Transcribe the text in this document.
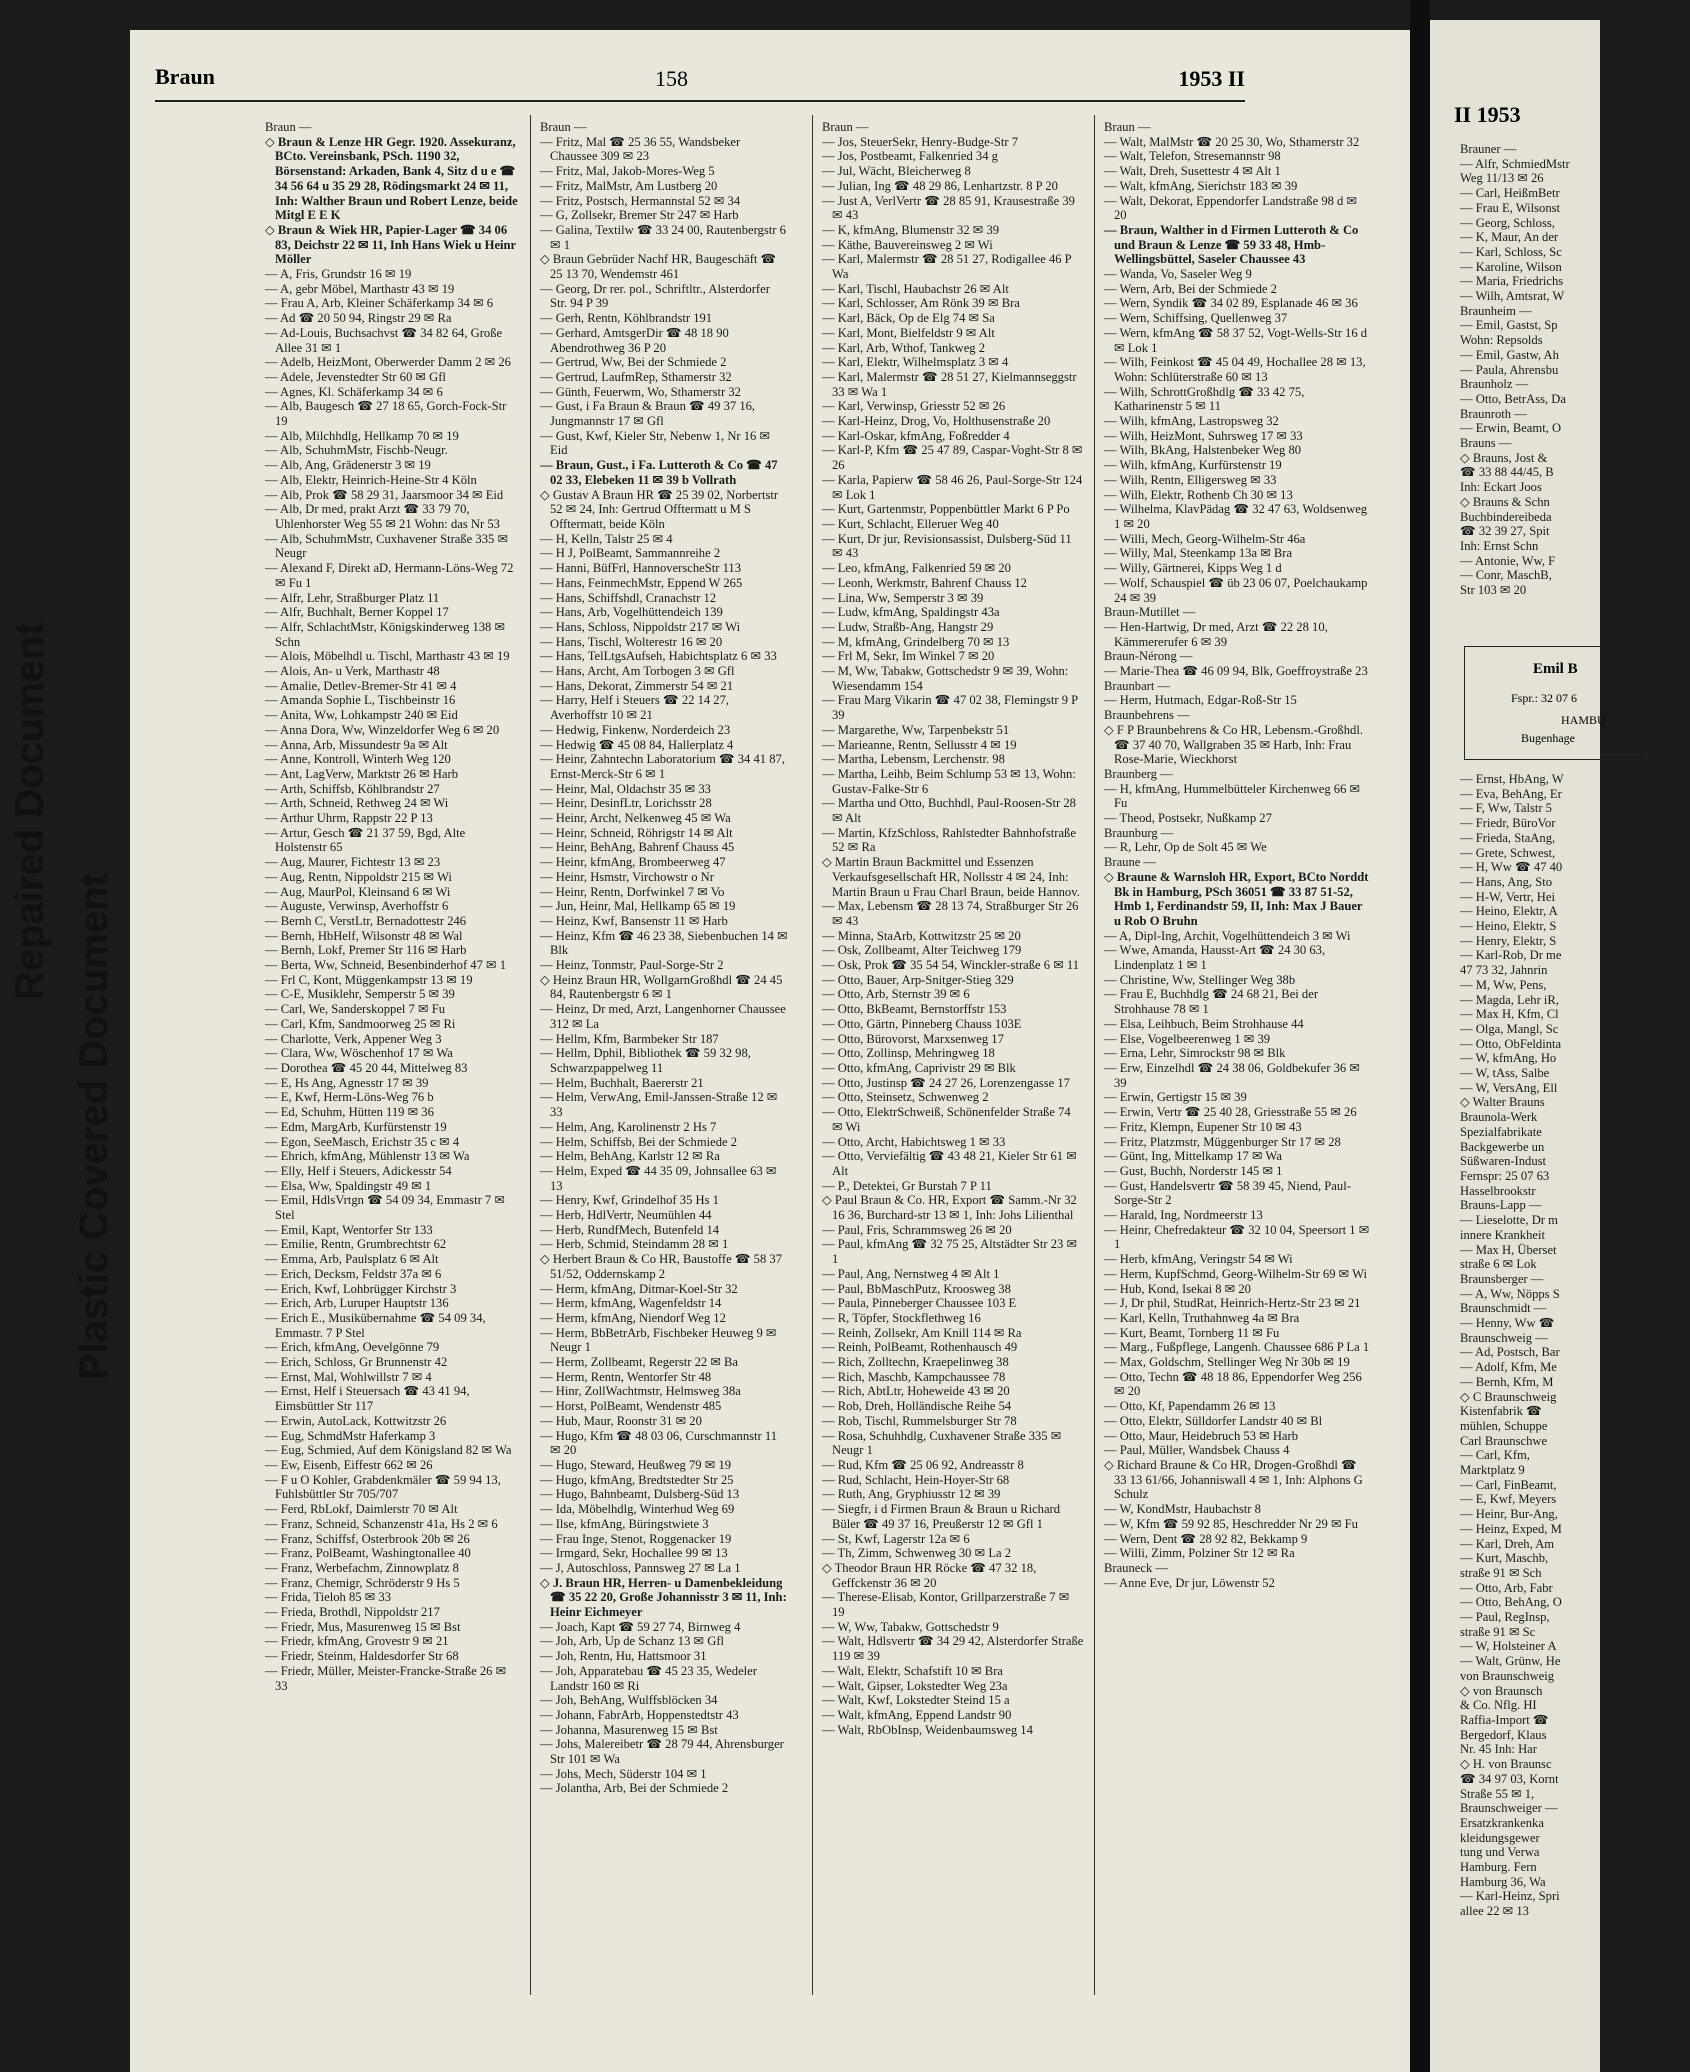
II 1953
Brauner —
— Alfr, SchmiedMstr
Weg 11/13 ✉ 26
— Carl, HeißmBetr
— Frau E, Wilsonst
— Georg, Schloss,
— K, Maur, An der
— Karl, Schloss, Sc
— Karoline, Wilson
— Maria, Friedrichs
— Wilh, Amtsrat, W
Braunheim —
— Emil, Gastst, Sp
Wohn: Repsolds
— Emil, Gastw, Ah
— Paula, Ahrensbu
Braunholz —
— Otto, BetrAss, Da
Braunroth —
— Erwin, Beamt, O
Brauns —
◇ Brauns, Jost &
☎ 33 88 44/45, B
Inh: Eckart Joos
◇ Brauns & Schn
Buchbindereibeda
☎ 32 39 27, Spit
Inh: Ernst Schn
— Antonie, Ww, F
— Conr, MaschB,
Str 103 ✉ 20
Emil B
Fspr.: 32 07 6
HAMBU
Bugenhage
— Ernst, HbAng, W
— Eva, BehAng, Er
— F, Ww, Talstr 5
— Friedr, BüroVor
— Frieda, StaAng,
— Grete, Schwest,
— H, Ww ☎ 47 40
— Hans, Ang, Sto
— H-W, Vertr, Hei
— Heino, Elektr, A
— Heino, Elektr, S
— Henry, Elektr, S
— Karl-Rob, Dr me
47 73 32, Jahnrin
— M, Ww, Pens,
— Magda, Lehr iR,
— Max H, Kfm, Cl
— Olga, Mangl, Sc
— Otto, ObFeldinta
— W, kfmAng, Ho
— W, tAss, Salbe
— W, VersAng, Ell
◇ Walter Brauns
Braunola-Werk
Spezialfabrikate
Backgewerbe un
Süßwaren-Indust
Fernspr: 25 07 63
Hasselbrookstr
Brauns-Lapp —
— Lieselotte, Dr m
innere Krankheit
— Max H, Überset
straße 6 ✉ Lok
Braunsberger —
— A, Ww, Nöpps S
Braunschmidt —
— Henny, Ww ☎
Braunschweig —
— Ad, Postsch, Bar
— Adolf, Kfm, Me
— Bernh, Kfm, M
◇ C Braunschweig
Kistenfabrik ☎
mühlen, Schuppe
Carl Braunschwe
— Carl, Kfm,
Marktplatz 9
— Carl, FinBeamt,
— E, Kwf, Meyers
— Heinr, Bur-Ang,
— Heinz, Exped, M
— Karl, Dreh, Am
— Kurt, Maschb,
straße 91 ✉ Sch
— Otto, Arb, Fabr
— Otto, BehAng, O
— Paul, RegInsp,
straße 91 ✉ Sc
— W, Holsteiner A
— Walt, Grünw, He
von Braunschweig
◇ von Braunsch
& Co. Nflg. HI
Raffia-Import ☎
Bergedorf, Klaus
Nr. 45 Inh: Har
◇ H. von Braunsc
☎ 34 97 03, Kornt
Straße 55 ✉ 1,
Braunschweiger —
Ersatzkrankenka
kleidungsgewer
tung und Verwa
Hamburg. Fern
Hamburg 36, Wa
— Karl-Heinz, Spri
allee 22 ✉ 13
Repaired Document
Plastic Covered Document
Braun	158	1953 II

Braun —

◇ Braun & Lenze HR Gegr. 1920. Assekuranz, BCto. Vereinsbank, PSch. 1190 32, Börsenstand: Arkaden, Bank 4, Sitz d u e ☎ 34 56 64 u 35 29 28, Rödingsmarkt 24 ✉ 11, Inh: Walther Braun und Robert Lenze, beide Mitgl E E K

◇ Braun & Wiek HR, Papier-Lager ☎ 34 06 83, Deichstr 22 ✉ 11, Inh Hans Wiek u Heinr Möller

— A, Fris, Grundstr 16 ✉ 19

— A, gebr Möbel, Marthastr 43 ✉ 19

— Frau A, Arb, Kleiner Schäferkamp 34 ✉ 6

— Ad ☎ 20 50 94, Ringstr 29 ✉ Ra

— Ad-Louis, Buchsachvst ☎ 34 82 64, Große Allee 31 ✉ 1

— Adelb, HeizMont, Oberwerder Damm 2 ✉ 26

— Adele, Jevenstedter Str 60 ✉ Gfl

— Agnes, Kl. Schäferkamp 34 ✉ 6

— Alb, Baugesch ☎ 27 18 65, Gorch-Fock-Str 19

— Alb, Milchhdlg, Hellkamp 70 ✉ 19

— Alb, SchuhmMstr, Fischb-Neugr.

— Alb, Ang, Grädenerstr 3 ✉ 19

— Alb, Elektr, Heinrich-Heine-Str 4 Köln

— Alb, Prok ☎ 58 29 31, Jaarsmoor 34 ✉ Eid

— Alb, Dr med, prakt Arzt ☎ 33 79 70, Uhlenhorster Weg 55 ✉ 21 Wohn: das Nr 53

— Alb, SchuhmMstr, Cuxhavener Straße 335 ✉ Neugr

— Alexand F, Direkt aD, Hermann-Löns-Weg 72 ✉ Fu 1

— Alfr, Lehr, Straßburger Platz 11

— Alfr, Buchhalt, Berner Koppel 17

— Alfr, SchlachtMstr, Königskinderweg 138 ✉ Schn

— Alois, Möbelhdl u. Tischl, Marthastr 43 ✉ 19

— Alois, An- u Verk, Marthastr 48

— Amalie, Detlev-Bremer-Str 41 ✉ 4

— Amanda Sophie L, Tischbeinstr 16

— Anita, Ww, Lohkampstr 240 ✉ Eid

— Anna Dora, Ww, Winzeldorfer Weg 6 ✉ 20

— Anna, Arb, Missundestr 9a ✉ Alt

— Anne, Kontroll, Winterh Weg 120

— Ant, LagVerw, Marktstr 26 ✉ Harb

— Arth, Schiffsb, Köhlbrandstr 27

— Arth, Schneid, Rethweg 24 ✉ Wi

— Arthur Uhrm, Rappstr 22 P 13

— Artur, Gesch ☎ 21 37 59, Bgd, Alte Holstenstr 65

— Aug, Maurer, Fichtestr 13 ✉ 23

— Aug, Rentn, Nippoldstr 215 ✉ Wi

— Aug, MaurPol, Kleinsand 6 ✉ Wi

— Auguste, Verwinsp, Averhoffstr 6

— Bernh C, VerstLtr, Bernadottestr 246

— Bernh, HbHelf, Wilsonstr 48 ✉ Wal

— Bernh, Lokf, Premer Str 116 ✉ Harb

— Berta, Ww, Schneid, Besenbinderhof 47 ✉ 1

— Frl C, Kont, Müggenkampstr 13 ✉ 19

— C-E, Musiklehr, Semperstr 5 ✉ 39

— Carl, We, Sanderskoppel 7 ✉ Fu

— Carl, Kfm, Sandmoorweg 25 ✉ Ri

— Charlotte, Verk, Appener Weg 3

— Clara, Ww, Wöschenhof 17 ✉ Wa

— Dorothea ☎ 45 20 44, Mittelweg 83

— E, Hs Ang, Agnesstr 17 ✉ 39

— E, Kwf, Herm-Löns-Weg 76 b

— Ed, Schuhm, Hütten 119 ✉ 36

— Edm, MargArb, Kurfürstenstr 19

— Egon, SeeMasch, Erichstr 35 c ✉ 4

— Ehrich, kfmAng, Mühlenstr 13 ✉ Wa

— Elly, Helf i Steuers, Adickesstr 54

— Elsa, Ww, Spaldingstr 49 ✉ 1

— Emil, HdlsVrtgn ☎ 54 09 34, Emmastr 7 ✉ Stel

— Emil, Kapt, Wentorfer Str 133

— Emilie, Rentn, Grumbrechtstr 62

— Emma, Arb, Paulsplatz 6 ✉ Alt

— Erich, Decksm, Feldstr 37a ✉ 6

— Erich, Kwf, Lohbrügger Kirchstr 3

— Erich, Arb, Luruper Hauptstr 136

— Erich E., Musikübernahme ☎ 54 09 34, Emmastr. 7 P Stel

— Erich, kfmAng, Oevelgönne 79

— Erich, Schloss, Gr Brunnenstr 42

— Ernst, Mal, Wohlwillstr 7 ✉ 4

— Ernst, Helf i Steuersach ☎ 43 41 94, Eimsbüttler Str 117

— Erwin, AutoLack, Kottwitzstr 26

— Eug, SchmdMstr Haferkamp 3

— Eug, Schmied, Auf dem Königsland 82 ✉ Wa

— Ew, Eisenb, Eiffestr 662 ✉ 26

— F u O Kohler, Grabdenkmäler ☎ 59 94 13, Fuhlsbüttler Str 705/707

— Ferd, RbLokf, Daimlerstr 70 ✉ Alt

— Franz, Schneid, Schanzenstr 41a, Hs 2 ✉ 6

— Franz, Schiffsf, Osterbrook 20b ✉ 26

— Franz, PolBeamt, Washingtonallee 40

— Franz, Werbefachm, Zinnowplatz 8

— Franz, Chemigr, Schröderstr 9 Hs 5

— Frida, Tieloh 85 ✉ 33

— Frieda, Brothdl, Nippoldstr 217

— Friedr, Mus, Masurenweg 15 ✉ Bst

— Friedr, kfmAng, Grovestr 9 ✉ 21

— Friedr, Steinm, Haldesdorfer Str 68

— Friedr, Müller, Meister-Francke-Straße 26 ✉ 33

Braun —

— Fritz, Mal ☎ 25 36 55, Wandsbeker Chaussee 309 ✉ 23

— Fritz, Mal, Jakob-Mores-Weg 5

— Fritz, MalMstr, Am Lustberg 20

— Fritz, Postsch, Hermannstal 52 ✉ 34

— G, Zollsekr, Bremer Str 247 ✉ Harb

— Galina, Textilw ☎ 33 24 00, Rautenbergstr 6 ✉ 1

◇ Braun Gebrüder Nachf HR, Baugeschäft ☎ 25 13 70, Wendemstr 461

— Georg, Dr rer. pol., Schriftltr., Alsterdorfer Str. 94 P 39

— Gerh, Rentn, Köhlbrandstr 191

— Gerhard, AmtsgerDir ☎ 48 18 90 Abendrothweg 36 P 20

— Gertrud, Ww, Bei der Schmiede 2

— Gertrud, LaufmRep, Sthamerstr 32

— Günth, Feuerwm, Wo, Sthamerstr 32

— Gust, i Fa Braun & Braun ☎ 49 37 16, Jungmannstr 17 ✉ Gfl

— Gust, Kwf, Kieler Str, Nebenw 1, Nr 16 ✉ Eid

— Braun, Gust., i Fa. Lutteroth & Co ☎ 47 02 33, Elebeken 11 ✉ 39 b Vollrath

◇ Gustav A Braun HR ☎ 25 39 02, Norbertstr 52 ✉ 24, Inh: Gertrud Offtermatt u M S Offtermatt, beide Köln

— H, Kelln, Talstr 25 ✉ 4

— H J, PolBeamt, Sammannreihe 2

— Hanni, BüfFrl, HannoverscheStr 113

— Hans, FeinmechMstr, Eppend W 265

— Hans, Schiffshdl, Cranachstr 12

— Hans, Arb, Vogelhüttendeich 139

— Hans, Schloss, Nippoldstr 217 ✉ Wi

— Hans, Tischl, Wolterestr 16 ✉ 20

— Hans, TelLtgsAufseh, Habichtsplatz 6 ✉ 33

— Hans, Archt, Am Torbogen 3 ✉ Gfl

— Hans, Dekorat, Zimmerstr 54 ✉ 21

— Harry, Helf i Steuers ☎ 22 14 27, Averhoffstr 10 ✉ 21

— Hedwig, Finkenw, Norderdeich 23

— Hedwig ☎ 45 08 84, Hallerplatz 4

— Heinr, Zahntechn Laboratorium ☎ 34 41 87, Ernst-Merck-Str 6 ✉ 1

— Heinr, Mal, Oldachstr 35 ✉ 33

— Heinr, DesinfLtr, Lorichsstr 28

— Heinr, Archt, Nelkenweg 45 ✉ Wa

— Heinr, Schneid, Röhrigstr 14 ✉ Alt

— Heinr, BehAng, Bahrenf Chauss 45

— Heinr, kfmAng, Brombeerweg 47

— Heinr, Hsmstr, Virchowstr o Nr

— Heinr, Rentn, Dorfwinkel 7 ✉ Vo

— Jun, Heinr, Mal, Hellkamp 65 ✉ 19

— Heinz, Kwf, Bansenstr 11 ✉ Harb

— Heinz, Kfm ☎ 46 23 38, Siebenbuchen 14 ✉ Blk

— Heinz, Tonmstr, Paul-Sorge-Str 2

◇ Heinz Braun HR, WollgarnGroßhdl ☎ 24 45 84, Rautenbergstr 6 ✉ 1

— Heinz, Dr med, Arzt, Langenhorner Chaussee 312 ✉ La

— Hellm, Kfm, Barmbeker Str 187

— Hellm, Dphil, Bibliothek ☎ 59 32 98, Schwarzpappelweg 11

— Helm, Buchhalt, Baererstr 21

— Helm, VerwAng, Emil-Janssen-Straße 12 ✉ 33

— Helm, Ang, Karolinenstr 2 Hs 7

— Helm, Schiffsb, Bei der Schmiede 2

— Helm, BehAng, Karlstr 12 ✉ Ra

— Helm, Exped ☎ 44 35 09, Johnsallee 63 ✉ 13

— Henry, Kwf, Grindelhof 35 Hs 1

— Herb, HdlVertr, Neumühlen 44

— Herb, RundfMech, Butenfeld 14

— Herb, Schmid, Steindamm 28 ✉ 1

◇ Herbert Braun & Co HR, Baustoffe ☎ 58 37 51/52, Oddernskamp 2

— Herm, kfmAng, Ditmar-Koel-Str 32

— Herm, kfmAng, Wagenfeldstr 14

— Herm, kfmAng, Niendorf Weg 12

— Herm, BbBetrArb, Fischbeker Heuweg 9 ✉ Neugr 1

— Herm, Zollbeamt, Regerstr 22 ✉ Ba

— Herm, Rentn, Wentorfer Str 48

— Hinr, ZollWachtmstr, Helmsweg 38a

— Horst, PolBeamt, Wendenstr 485

— Hub, Maur, Roonstr 31 ✉ 20

— Hugo, Kfm ☎ 48 03 06, Curschmannstr 11 ✉ 20

— Hugo, Steward, Heußweg 79 ✉ 19

— Hugo, kfmAng, Bredtstedter Str 25

— Hugo, Bahnbeamt, Dulsberg-Süd 13

— Ida, Möbelhdlg, Winterhud Weg 69

— Ilse, kfmAng, Büringstwiete 3

— Frau Inge, Stenot, Roggenacker 19

— Irmgard, Sekr, Hochallee 99 ✉ 13

— J, Autoschloss, Pannsweg 27 ✉ La 1

◇ J. Braun HR, Herren- u Damenbekleidung ☎ 35 22 20, Große Johannisstr 3 ✉ 11, Inh: Heinr Eichmeyer

— Joach, Kapt ☎ 59 27 74, Birnweg 4

— Joh, Arb, Up de Schanz 13 ✉ Gfl

— Joh, Rentn, Hu, Hattsmoor 31

— Joh, Apparatebau ☎ 45 23 35, Wedeler Landstr 160 ✉ Ri

— Joh, BehAng, Wulffsblöcken 34

— Johann, FabrArb, Hoppenstedtstr 43

— Johanna, Masurenweg 15 ✉ Bst

— Johs, Malereibetr ☎ 28 79 44, Ahrensburger Str 101 ✉ Wa

— Johs, Mech, Süderstr 104 ✉ 1

— Jolantha, Arb, Bei der Schmiede 2

Braun —

— Jos, SteuerSekr, Henry-Budge-Str 7

— Jos, Postbeamt, Falkenried 34 g

— Jul, Wächt, Bleicherweg 8

— Julian, Ing ☎ 48 29 86, Lenhartzstr. 8 P 20

— Just A, VerlVertr ☎ 28 85 91, Krausestraße 39 ✉ 43

— K, kfmAng, Blumenstr 32 ✉ 39

— Käthe, Bauvereinsweg 2 ✉ Wi

— Karl, Malermstr ☎ 28 51 27, Rodigallee 46 P Wa

— Karl, Tischl, Haubachstr 26 ✉ Alt

— Karl, Schlosser, Am Rönk 39 ✉ Bra

— Karl, Bäck, Op de Elg 74 ✉ Sa

— Karl, Mont, Bielfeldstr 9 ✉ Alt

— Karl, Arb, Wthof, Tankweg 2

— Karl, Elektr, Wilhelmsplatz 3 ✉ 4

— Karl, Malermstr ☎ 28 51 27, Kielmannseggstr 33 ✉ Wa 1

— Karl, Verwinsp, Griesstr 52 ✉ 26

— Karl-Heinz, Drog, Vo, Holthusenstraße 20

— Karl-Oskar, kfmAng, Foßredder 4

— Karl-P, Kfm ☎ 25 47 89, Caspar-Voght-Str 8 ✉ 26

— Karla, Papierw ☎ 58 46 26, Paul-Sorge-Str 124 ✉ Lok 1

— Kurt, Gartenmstr, Poppenbüttler Markt 6 P Po

— Kurt, Schlacht, Elleruer Weg 40

— Kurt, Dr jur, Revisionsassist, Dulsberg-Süd 11 ✉ 43

— Leo, kfmAng, Falkenried 59 ✉ 20

— Leonh, Werkmstr, Bahrenf Chauss 12

— Lina, Ww, Semperstr 3 ✉ 39

— Ludw, kfmAng, Spaldingstr 43a

— Ludw, Straßb-Ang, Hangstr 29

— M, kfmAng, Grindelberg 70 ✉ 13

— Frl M, Sekr, Im Winkel 7 ✉ 20

— M, Ww, Tabakw, Gottschedstr 9 ✉ 39, Wohn: Wiesendamm 154

— Frau Marg Vikarin ☎ 47 02 38, Flemingstr 9 P 39

— Margarethe, Ww, Tarpenbekstr 51

— Marieanne, Rentn, Sellusstr 4 ✉ 19

— Martha, Lebensm, Lerchenstr. 98

— Martha, Leihb, Beim Schlump 53 ✉ 13, Wohn: Gustav-Falke-Str 6

— Martha und Otto, Buchhdl, Paul-Roosen-Str 28 ✉ Alt

— Martin, KfzSchloss, Rahlstedter Bahnhofstraße 52 ✉ Ra

◇ Martin Braun Backmittel und Essenzen Verkaufsgesellschaft HR, Nollsstr 4 ✉ 24, Inh: Martin Braun u Frau Charl Braun, beide Hannov.

— Max, Lebensm ☎ 28 13 74, Straßburger Str 26 ✉ 43

— Minna, StaArb, Kottwitzstr 25 ✉ 20

— Osk, Zollbeamt, Alter Teichweg 179

— Osk, Prok ☎ 35 54 54, Winckler-straße 6 ✉ 11

— Otto, Bauer, Arp-Snitger-Stieg 329

— Otto, Arb, Sternstr 39 ✉ 6

— Otto, BkBeamt, Bernstorffstr 153

— Otto, Gärtn, Pinneberg Chauss 103E

— Otto, Bürovorst, Marxsenweg 17

— Otto, Zollinsp, Mehringweg 18

— Otto, kfmAng, Caprivistr 29 ✉ Blk

— Otto, Justinsp ☎ 24 27 26, Lorenzengasse 17

— Otto, Steinsetz, Schwenweg 2

— Otto, ElektrSchweiß, Schönenfelder Straße 74 ✉ Wi

— Otto, Archt, Habichtsweg 1 ✉ 33

— Otto, Verviefältig ☎ 43 48 21, Kieler Str 61 ✉ Alt

— P., Detektei, Gr Burstah 7 P 11

◇ Paul Braun & Co. HR, Export ☎ Samm.-Nr 32 16 36, Burchard-str 13 ✉ 1, Inh: Johs Lilienthal

— Paul, Fris, Schrammsweg 26 ✉ 20

— Paul, kfmAng ☎ 32 75 25, Altstädter Str 23 ✉ 1

— Paul, Ang, Nernstweg 4 ✉ Alt 1

— Paul, BbMaschPutz, Kroosweg 38

— Paula, Pinneberger Chaussee 103 E

— R, Töpfer, Stockflethweg 16

— Reinh, Zollsekr, Am Knill 114 ✉ Ra

— Reinh, PolBeamt, Rothenhausch 49

— Rich, Zolltechn, Kraepelinweg 38

— Rich, Maschb, Kampchaussee 78

— Rich, AbtLtr, Hoheweide 43 ✉ 20

— Rob, Dreh, Holländische Reihe 54

— Rob, Tischl, Rummelsburger Str 78

— Rosa, Schuhhdlg, Cuxhavener Straße 335 ✉ Neugr 1

— Rud, Kfm ☎ 25 06 92, Andreasstr 8

— Rud, Schlacht, Hein-Hoyer-Str 68

— Ruth, Ang, Gryphiusstr 12 ✉ 39

— Siegfr, i d Firmen Braun & Braun u Richard Büler ☎ 49 37 16, Preußerstr 12 ✉ Gfl 1

— St, Kwf, Lagerstr 12a ✉ 6

— Th, Zimm, Schwenweg 30 ✉ La 2

◇ Theodor Braun HR Röcke ☎ 47 32 18, Geffckenstr 36 ✉ 20

— Therese-Elisab, Kontor, Grillparzerstraße 7 ✉ 19

— W, Ww, Tabakw, Gottschedstr 9

— Walt, Hdlsvertr ☎ 34 29 42, Alsterdorfer Straße 119 ✉ 39

— Walt, Elektr, Schafstift 10 ✉ Bra

— Walt, Gipser, Lokstedter Weg 23a

— Walt, Kwf, Lokstedter Steind 15 a

— Walt, kfmAng, Eppend Landstr 90

— Walt, RbObInsp, Weidenbaumsweg 14

Braun —

— Walt, MalMstr ☎ 20 25 30, Wo, Sthamerstr 32

— Walt, Telefon, Stresemannstr 98

— Walt, Dreh, Susettestr 4 ✉ Alt 1

— Walt, kfmAng, Sierichstr 183 ✉ 39

— Walt, Dekorat, Eppendorfer Landstraße 98 d ✉ 20

— Braun, Walther in d Firmen Lutteroth & Co und Braun & Lenze ☎ 59 33 48, Hmb-Wellingsbüttel, Saseler Chaussee 43

— Wanda, Vo, Saseler Weg 9

— Wern, Arb, Bei der Schmiede 2

— Wern, Syndik ☎ 34 02 89, Esplanade 46 ✉ 36

— Wern, Schiffsing, Quellenweg 37

— Wern, kfmAng ☎ 58 37 52, Vogt-Wells-Str 16 d ✉ Lok 1

— Wilh, Feinkost ☎ 45 04 49, Hochallee 28 ✉ 13, Wohn: Schlüterstraße 60 ✉ 13

— Wilh, SchrottGroßhdlg ☎ 33 42 75, Katharinenstr 5 ✉ 11

— Wilh, kfmAng, Lastropsweg 32

— Wilh, HeizMont, Suhrsweg 17 ✉ 33

— Wilh, BkAng, Halstenbeker Weg 80

— Wilh, kfmAng, Kurfürstenstr 19

— Wilh, Rentn, Elligersweg ✉ 33

— Wilh, Elektr, Rothenb Ch 30 ✉ 13

— Wilhelma, KlavPädag ☎ 32 47 63, Woldsenweg 1 ✉ 20

— Willi, Mech, Georg-Wilhelm-Str 46a

— Willy, Mal, Steenkamp 13a ✉ Bra

— Willy, Gärtnerei, Kipps Weg 1 d

— Wolf, Schauspiel ☎ üb 23 06 07, Poelchaukamp 24 ✉ 39

Braun-Mutillet —

— Hen-Hartwig, Dr med, Arzt ☎ 22 28 10, Kämmererufer 6 ✉ 39

Braun-Nérong —

— Marie-Thea ☎ 46 09 94, Blk, Goeffroystraße 23

Braunbart —

— Herm, Hutmach, Edgar-Roß-Str 15

Braunbehrens —

◇ F P Braunbehrens & Co HR, Lebensm.-Großhdl. ☎ 37 40 70, Wallgraben 35 ✉ Harb, Inh: Frau Rose-Marie, Wieckhorst

Braunberg —

— H, kfmAng, Hummelbütteler Kirchenweg 66 ✉ Fu

— Theod, Postsekr, Nußkamp 27

Braunburg —

— R, Lehr, Op de Solt 45 ✉ We

Braune —

◇ Braune & Warnsloh HR, Export, BCto Norddt Bk in Hamburg, PSch 36051 ☎ 33 87 51-52, Hmb 1, Ferdinandstr 59, II, Inh: Max J Bauer u Rob O Bruhn

— A, Dipl-Ing, Archit, Vogelhüttendeich 3 ✉ Wi

— Wwe, Amanda, Hausst-Art ☎ 24 30 63, Lindenplatz 1 ✉ 1

— Christine, Ww, Stellinger Weg 38b

— Frau E, Buchhdlg ☎ 24 68 21, Bei der Strohhause 78 ✉ 1

— Elsa, Leihbuch, Beim Strohhause 44

— Else, Vogelbeerenweg 1 ✉ 39

— Erna, Lehr, Simrockstr 98 ✉ Blk

— Erw, Einzelhdl ☎ 24 38 06, Goldbekufer 36 ✉ 39

— Erwin, Gertigstr 15 ✉ 39

— Erwin, Vertr ☎ 25 40 28, Griesstraße 55 ✉ 26

— Fritz, Klempn, Eupener Str 10 ✉ 43

— Fritz, Platzmstr, Müggenburger Str 17 ✉ 28

— Günt, Ing, Mittelkamp 17 ✉ Wa

— Gust, Buchh, Norderstr 145 ✉ 1

— Gust, Handelsvertr ☎ 58 39 45, Niend, Paul-Sorge-Str 2

— Harald, Ing, Nordmeerstr 13

— Heinr, Chefredakteur ☎ 32 10 04, Speersort 1 ✉ 1

— Herb, kfmAng, Veringstr 54 ✉ Wi

— Herm, KupfSchmd, Georg-Wilhelm-Str 69 ✉ Wi

— Hub, Kond, Isekai 8 ✉ 20

— J, Dr phil, StudRat, Heinrich-Hertz-Str 23 ✉ 21

— Karl, Kelln, Truthahnweg 4a ✉ Bra

— Kurt, Beamt, Tornberg 11 ✉ Fu

— Marg., Fußpflege, Langenh. Chaussee 686 P La 1

— Max, Goldschm, Stellinger Weg Nr 30b ✉ 19

— Otto, Techn ☎ 48 18 86, Eppendorfer Weg 256 ✉ 20

— Otto, Kf, Papendamm 26 ✉ 13

— Otto, Elektr, Sülldorfer Landstr 40 ✉ Bl

— Otto, Maur, Heidebruch 53 ✉ Harb

— Paul, Müller, Wandsbek Chauss 4

◇ Richard Braune & Co HR, Drogen-Großhdl ☎ 33 13 61/66, Johanniswall 4 ✉ 1, Inh: Alphons G Schulz

— W, KondMstr, Haubachstr 8

— W, Kfm ☎ 59 92 85, Heschredder Nr 29 ✉ Fu

— Wern, Dent ☎ 28 92 82, Bekkamp 9

— Willi, Zimm, Polziner Str 12 ✉ Ra

Brauneck —

— Anne Eve, Dr jur, Löwenstr 52
